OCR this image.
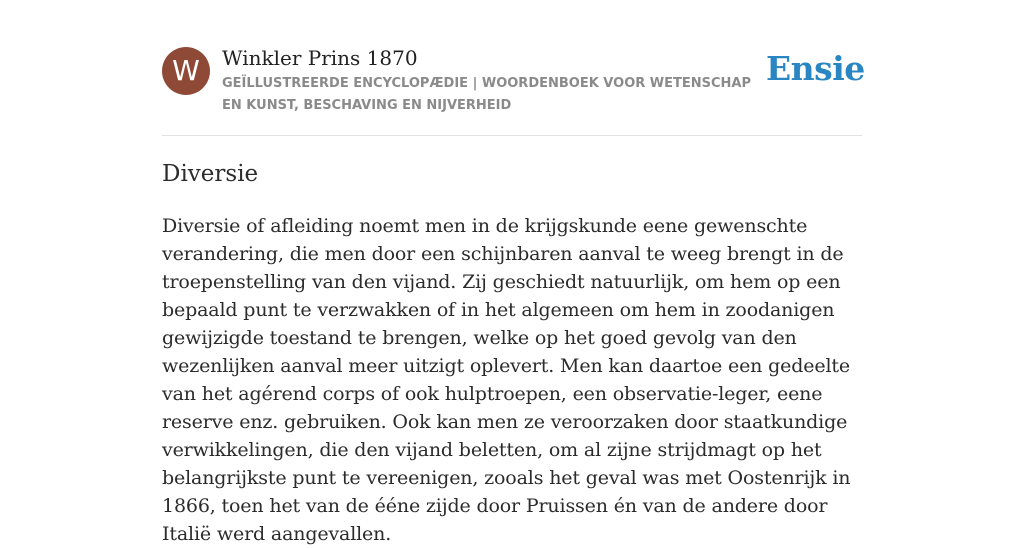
W	Winkler Prins 1870
GEÏLLUSTREERDE ENCYCLOPÆDIE | WOORDENBOEK VOOR WETENSCHAP EN KUNST, BESCHAVING EN NIJVERHEID
Ensie
Diversie

Diversie of afleiding noemt men in de krijgskunde eene gewenschte verandering, die men door een schijnbaren aanval te weeg brengt in de troepenstelling van den vijand. Zij geschiedt natuurlijk, om hem op een bepaald punt te verzwakken of in het algemeen om hem in zoodanigen gewijzigde toestand te brengen, welke op het goed gevolg van den wezenlijken aanval meer uitzigt oplevert. Men kan daartoe een gedeelte van het agérend corps of ook hulptroepen, een observatie-leger, eene reserve enz. gebruiken. Ook kan men ze veroorzaken door staatkundige verwikkelingen, die den vijand beletten, om al zijne strijdmagt op het belangrijkste punt te vereenigen, zooals het geval was met Oostenrijk in 1866, toen het van de ééne zijde door Pruissen én van de andere door Italië werd aangevallen.
